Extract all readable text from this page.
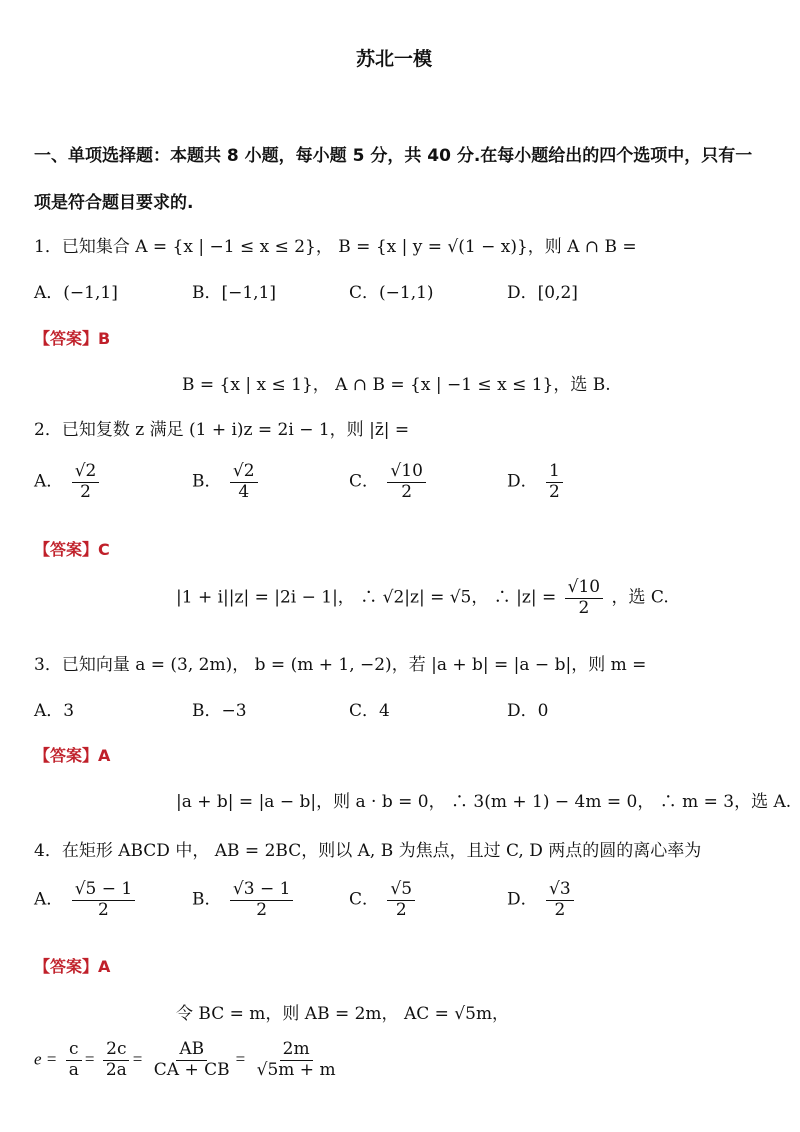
苏北一模
一、单项选择题：本题共 8 小题，每小题 5 分，共 40 分.在每小题给出的四个选项中，只有一
项是符合题目要求的.
1．已知集合 A = {x | −1 ≤ x ≤ 2}， B = {x | y = √(1 − x)}，则 A ∩ B =
A．(−1,1]	B．[−1,1]	C．(−1,1)	D．[0,2]
【答案】B
B = {x | x ≤ 1}， A ∩ B = {x | −1 ≤ x ≤ 1}，选 B.
2．已知复数 z 满足 (1 + i)z = 2i − 1，则 |z̄| =
A． $\frac{√2}{2}$	B． $\frac{√2}{4}$	C． $\frac{√10}{2}$	D． $\frac{1}{2}$
【答案】C
|1 + i||z| = |2i − 1|， ∴ √2|z| = √5， ∴ $|z| = \frac{√10}{2}$ ，选 C.
3．已知向量 a = (3, 2m)， b = (m + 1, −2)，若 |a + b| = |a − b|，则 m =
A．3	B．−3	C．4	D．0
【答案】A
|a + b| = |a − b|，则 a · b = 0， ∴ 3(m + 1) − 4m = 0， ∴ m = 3，选 A.
4．在矩形 ABCD 中， AB = 2BC，则以 A, B 为焦点，且过 C, D 两点的圆的离心率为
A． $\frac{√5 - 1}{2}$	B． $\frac{√3 - 1}{2}$	C． $\frac{√5}{2}$	D． $\frac{√3}{2}$
【答案】A
令 BC = m，则 AB = 2m， AC = √5m，
$e = \frac{c}{a} = \frac{2c}{2a} = \frac{AB}{CA + CB} = \frac{2m}{√5m + m}$
